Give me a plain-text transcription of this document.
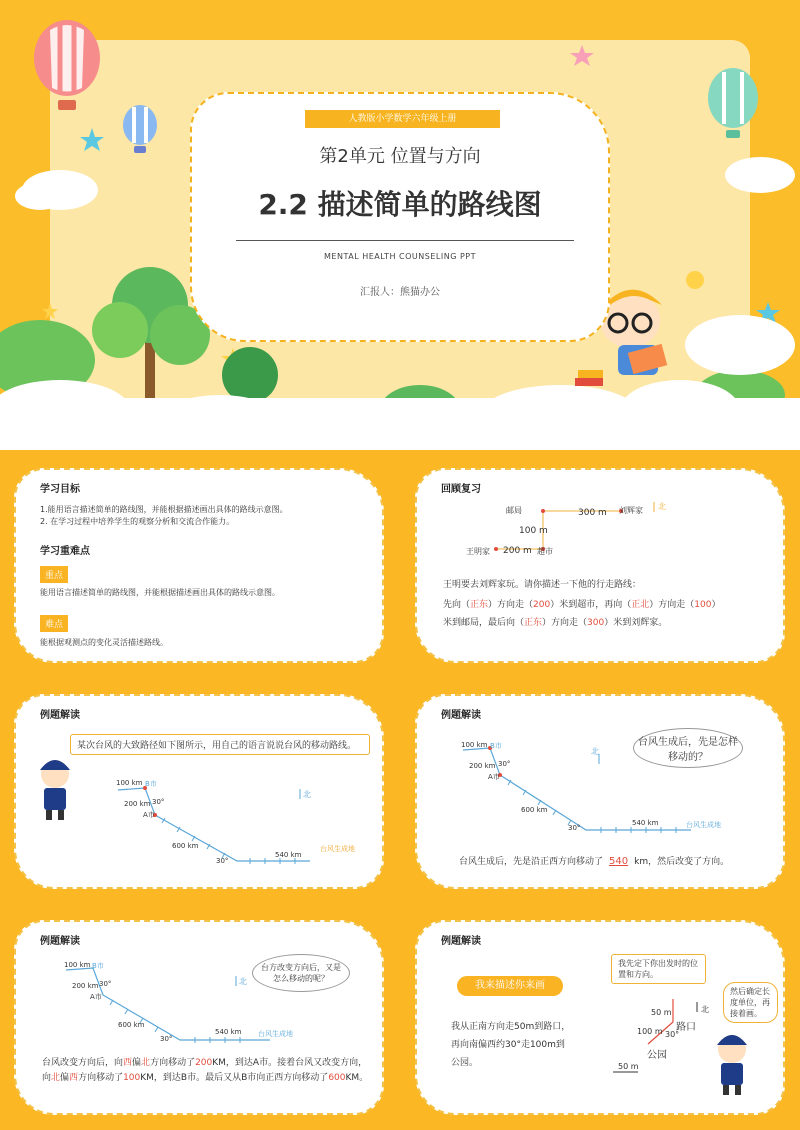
人教版小学数学六年级上册
第2单元 位置与方向
2.2 描述简单的路线图
MENTAL HEALTH COUNSELING PPT
汇报人：熊猫办公
学习目标
1.能用语言描述简单的路线图，并能根据描述画出具体的路线示意图。
2. 在学习过程中培养学生的观察分析和交流合作能力。
学习重难点
重点
能用语言描述简单的路线图，并能根据描述画出具体的路线示意图。
难点
能根据观测点的变化灵活描述路线。
回顾复习
邮局	刘辉家
300 m
北
100 m
王明家 200 m 超市
王明要去刘辉家玩。请你描述一下他的行走路线：
先向（正东）方向走（200）米到超市，再向（正北）方向走（100）
米到邮局，最后向（正东）方向走（300）米到刘辉家。
例题解读
某次台风的大致路径如下图所示，用自己的语言说说台风的移动路线。
100 km B市
200 km 30°
A市
600 km
30°
540 km
北
台风生成地
例题解读
100 km B市
200 km 30°
A市
600 km
30°
540 km
北
台风生成地
台风生成后，先是怎样移动的？
台风生成后，先是沿正西方向移动了 540 km，然后改变了方向。
例题解读
100 km B市
200 km 30°
A市
600 km
30°
540 km
北
台风生成地
台方改变方向后，又是怎么移动的呢？
台风改变方向后，向西偏北方向移动了200KM，到达A市。接着台风又改变方向，向北偏西方向移动了100KM，到达B市。最后又从B市向正西方向移动了600KM。
例题解读
我来描述你来画
我从正南方向走50m到路口，
再向南偏西约30°走100m到
公园。
我先定下你出发时的位置和方向。
然后确定长度单位，再接着画。
北
50 m
路口
100 m 30°
公园
50 m
